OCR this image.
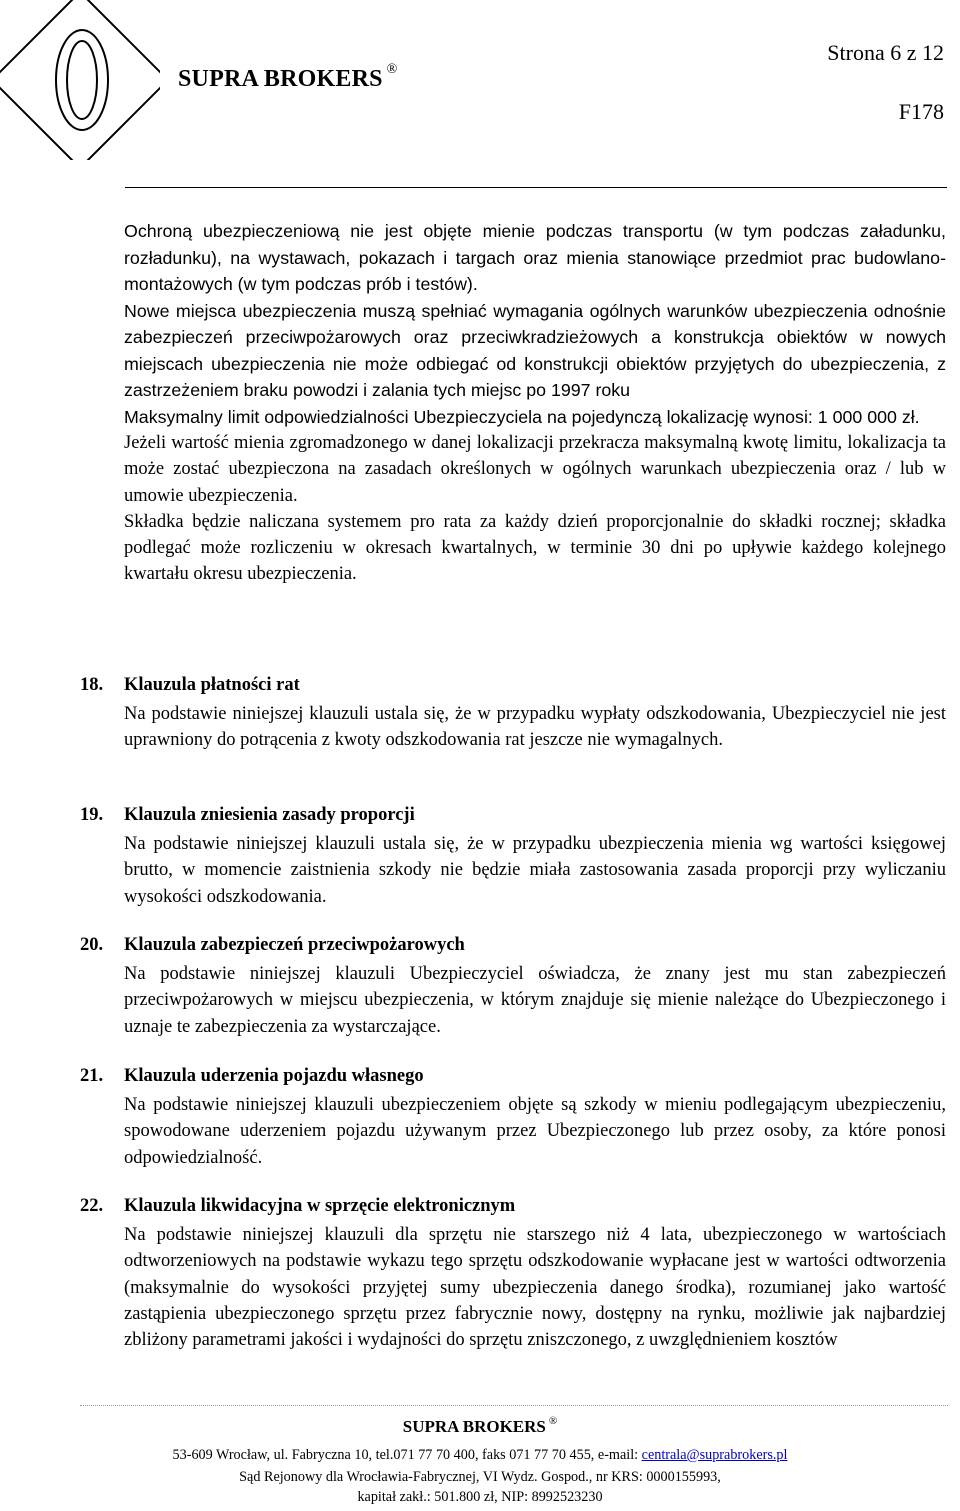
SUPRA BROKERS ®
Strona 6 z 12
F178

Ochroną ubezpieczeniową nie jest objęte mienie podczas transportu (w tym podczas załadunku, rozładunku), na wystawach, pokazach i targach oraz mienia stanowiące przedmiot prac budowlano-montażowych (w tym podczas prób i testów).

Nowe miejsca ubezpieczenia muszą spełniać wymagania ogólnych warunków ubezpieczenia odnośnie zabezpieczeń przeciwpożarowych oraz przeciwkradzieżowych a konstrukcja obiektów w nowych miejscach ubezpieczenia nie może odbiegać od konstrukcji obiektów przyjętych do ubezpieczenia, z zastrzeżeniem braku powodzi i zalania tych miejsc po 1997 roku

Maksymalny limit odpowiedzialności Ubezpieczyciela na pojedynczą lokalizację wynosi: 1 000 000 zł.

Jeżeli wartość mienia zgromadzonego w danej lokalizacji przekracza maksymalną kwotę limitu, lokalizacja ta może zostać ubezpieczona na zasadach określonych w ogólnych warunkach ubezpieczenia oraz / lub w umowie ubezpieczenia.

Składka będzie naliczana systemem pro rata za każdy dzień proporcjonalnie do składki rocznej; składka podlegać może rozliczeniu w okresach kwartalnych, w terminie 30 dni po upływie każdego kolejnego kwartału okresu ubezpieczenia.

18. Klauzula płatności rat

Na podstawie niniejszej klauzuli ustala się, że w przypadku wypłaty odszkodowania, Ubezpieczyciel nie jest uprawniony do potrącenia z kwoty odszkodowania rat jeszcze nie wymagalnych.

19. Klauzula zniesienia zasady proporcji

Na podstawie niniejszej klauzuli ustala się, że w przypadku ubezpieczenia mienia wg wartości księgowej brutto, w momencie zaistnienia szkody nie będzie miała zastosowania zasada proporcji przy wyliczaniu wysokości odszkodowania.

20. Klauzula zabezpieczeń przeciwpożarowych

Na podstawie niniejszej klauzuli Ubezpieczyciel oświadcza, że znany jest mu stan zabezpieczeń przeciwpożarowych w miejscu ubezpieczenia, w którym znajduje się mienie należące do Ubezpieczonego i uznaje te zabezpieczenia za wystarczające.

21. Klauzula uderzenia pojazdu własnego

Na podstawie niniejszej klauzuli ubezpieczeniem objęte są szkody w mieniu podlegającym ubezpieczeniu, spowodowane uderzeniem pojazdu używanym przez Ubezpieczonego lub przez osoby, za które ponosi odpowiedzialność.

22. Klauzula likwidacyjna w sprzęcie elektronicznym

Na podstawie niniejszej klauzuli dla sprzętu nie starszego niż 4 lata, ubezpieczonego w wartościach odtworzeniowych na podstawie wykazu tego sprzętu odszkodowanie wypłacane jest w wartości odtworzenia (maksymalnie do wysokości przyjętej sumy ubezpieczenia danego środka), rozumianej jako wartość zastąpienia ubezpieczonego sprzętu przez fabrycznie nowy, dostępny na rynku, możliwie jak najbardziej zbliżony parametrami jakości i wydajności do sprzętu zniszczonego, z uwzględnieniem kosztów

SUPRA BROKERS ®
53-609 Wrocław, ul. Fabryczna 10, tel.071 77 70 400, faks 071 77 70 455, e-mail: centrala@suprabrokers.pl
Sąd Rejonowy dla Wrocławia-Fabrycznej, VI Wydz. Gospod., nr KRS: 0000155993,
kapitał zakł.: 501.800 zł, NIP: 8992523230
